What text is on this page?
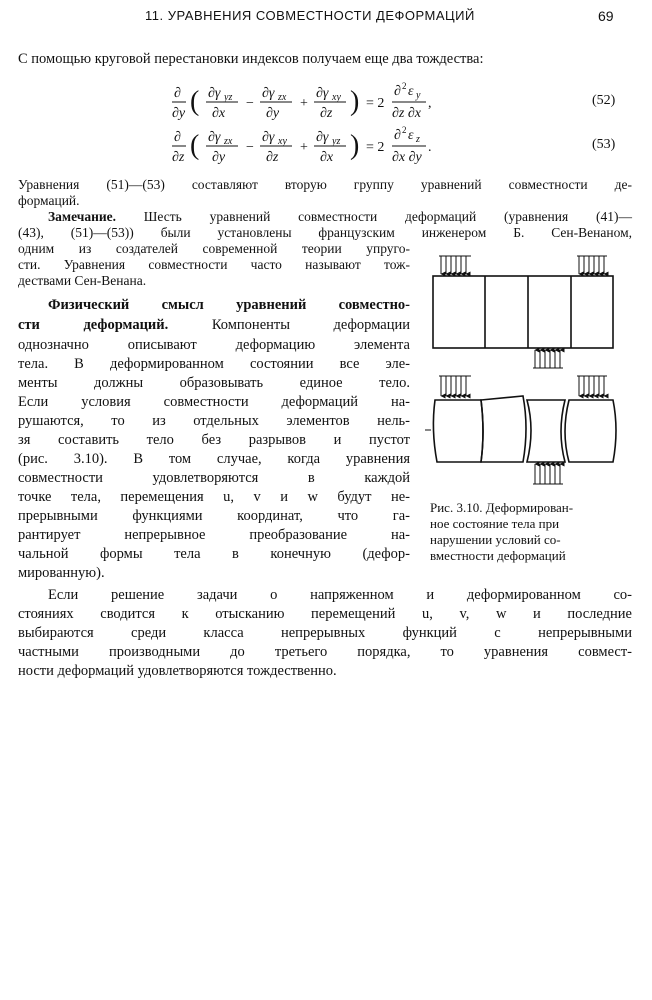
11. УРАВНЕНИЯ СОВМЕСТНОСТИ ДЕФОРМАЦИЙ	69
С помощью круговой перестановки индексов получаем еще два тождества:
∂
∂y ( ∂γ yz
∂x
−
∂γ zx
∂y
+
∂γ xy
∂z ) = 2
∂ 2 ε y
∂z ∂x
,	(52)
∂
∂z ( ∂γ zx
∂y
−
∂γ xy
∂z
+
∂γ yz
∂x ) = 2
∂ 2 ε z
∂x ∂y
.	(53)
Уравнения (51)—(53) составляют вторую группу уравнений совместности де-
формаций.
Замечание. Шесть уравнений совместности деформаций (уравнения (41)—
(43), (51)—(53)) были установлены французским инженером Б. Сен-Венаном,
одним из создателей современной теории упруго-
сти. Уравнения совместности часто называют тож-
дествами Сен-Венана.
Физический смысл уравнений совместно-
сти деформаций. Компоненты деформации
однозначно описывают деформацию элемента
тела. В деформированном состоянии все эле-
менты должны образовывать единое тело.
Если условия совместности деформаций на-
рушаются, то из отдельных элементов нель-
зя составить тело без разрывов и пустот
(рис. 3.10). В том случае, когда уравнения
совместности удовлетворяются в каждой
точке тела, перемещения u, v и w будут не-
прерывными функциями координат, что га-
рантирует непрерывное преобразование на-
чальной формы тела в конечную (дефор-
мированную).
Если решение задачи о напряженном и деформированном со-
стояниях сводится к отысканию перемещений u, v, w и последние
выбираются среди класса непрерывных функций с непрерывными
частными производными до третьего порядка, то уравнения совмест-
ности деформаций удовлетворяются тождественно.
Рис. 3.10. Деформирован-
ное состояние тела при
нарушении условий со-
вместности деформаций
